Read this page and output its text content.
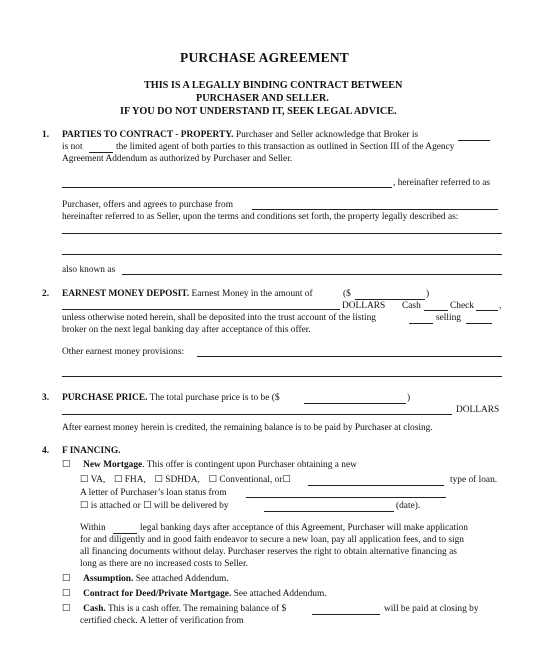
PURCHASE AGREEMENT
THIS IS A LEGALLY BINDING CONTRACT BETWEEN
PURCHASER AND SELLER.
IF YOU DO NOT UNDERSTAND IT, SEEK LEGAL ADVICE.
1. PARTIES TO CONTRACT - PROPERTY. Purchaser and Seller acknowledge that Broker is
is not	the limited agent of both parties to this transaction as outlined in Section III of the Agency
Agreement Addendum as authorized by Purchaser and Seller.
, hereinafter referred to as
Purchaser, offers and agrees to purchase from
hereinafter referred to as Seller, upon the terms and conditions set forth, the property legally described as:
also known as
2. EARNEST MONEY DEPOSIT. Earnest Money in the amount of	($	)
DOLLARS Cash	Check	,
unless otherwise noted herein, shall be deposited into the trust account of the listing	selling
broker on the next legal banking day after acceptance of this offer.
Other earnest money provisions:
3. PURCHASE PRICE. The total purchase price is to be ($	)
DOLLARS
After earnest money herein is credited, the remaining balance is to be paid by Purchaser at closing.
4. F INANCING.
☐ New Mortgage. This offer is contingent upon Purchaser obtaining a new
☐ VA, ☐ FHA, ☐ SDHDA, ☐ Conventional, or☐	type of loan.
A letter of Purchaser’s loan status from
☐ is attached or ☐ will be delivered by	(date).
Within	legal banking days after acceptance of this Agreement, Purchaser will make application
for and diligently and in good faith endeavor to secure a new loan, pay all application fees, and to sign
all financing documents without delay. Purchaser reserves the right to obtain alternative financing as
long as there are no increased costs to Seller.
☐ Assumption. See attached Addendum.
☐ Contract for Deed/Private Mortgage. See attached Addendum.
☐ Cash. This is a cash offer. The remaining balance of $	will be paid at closing by
certified check. A letter of verification from
